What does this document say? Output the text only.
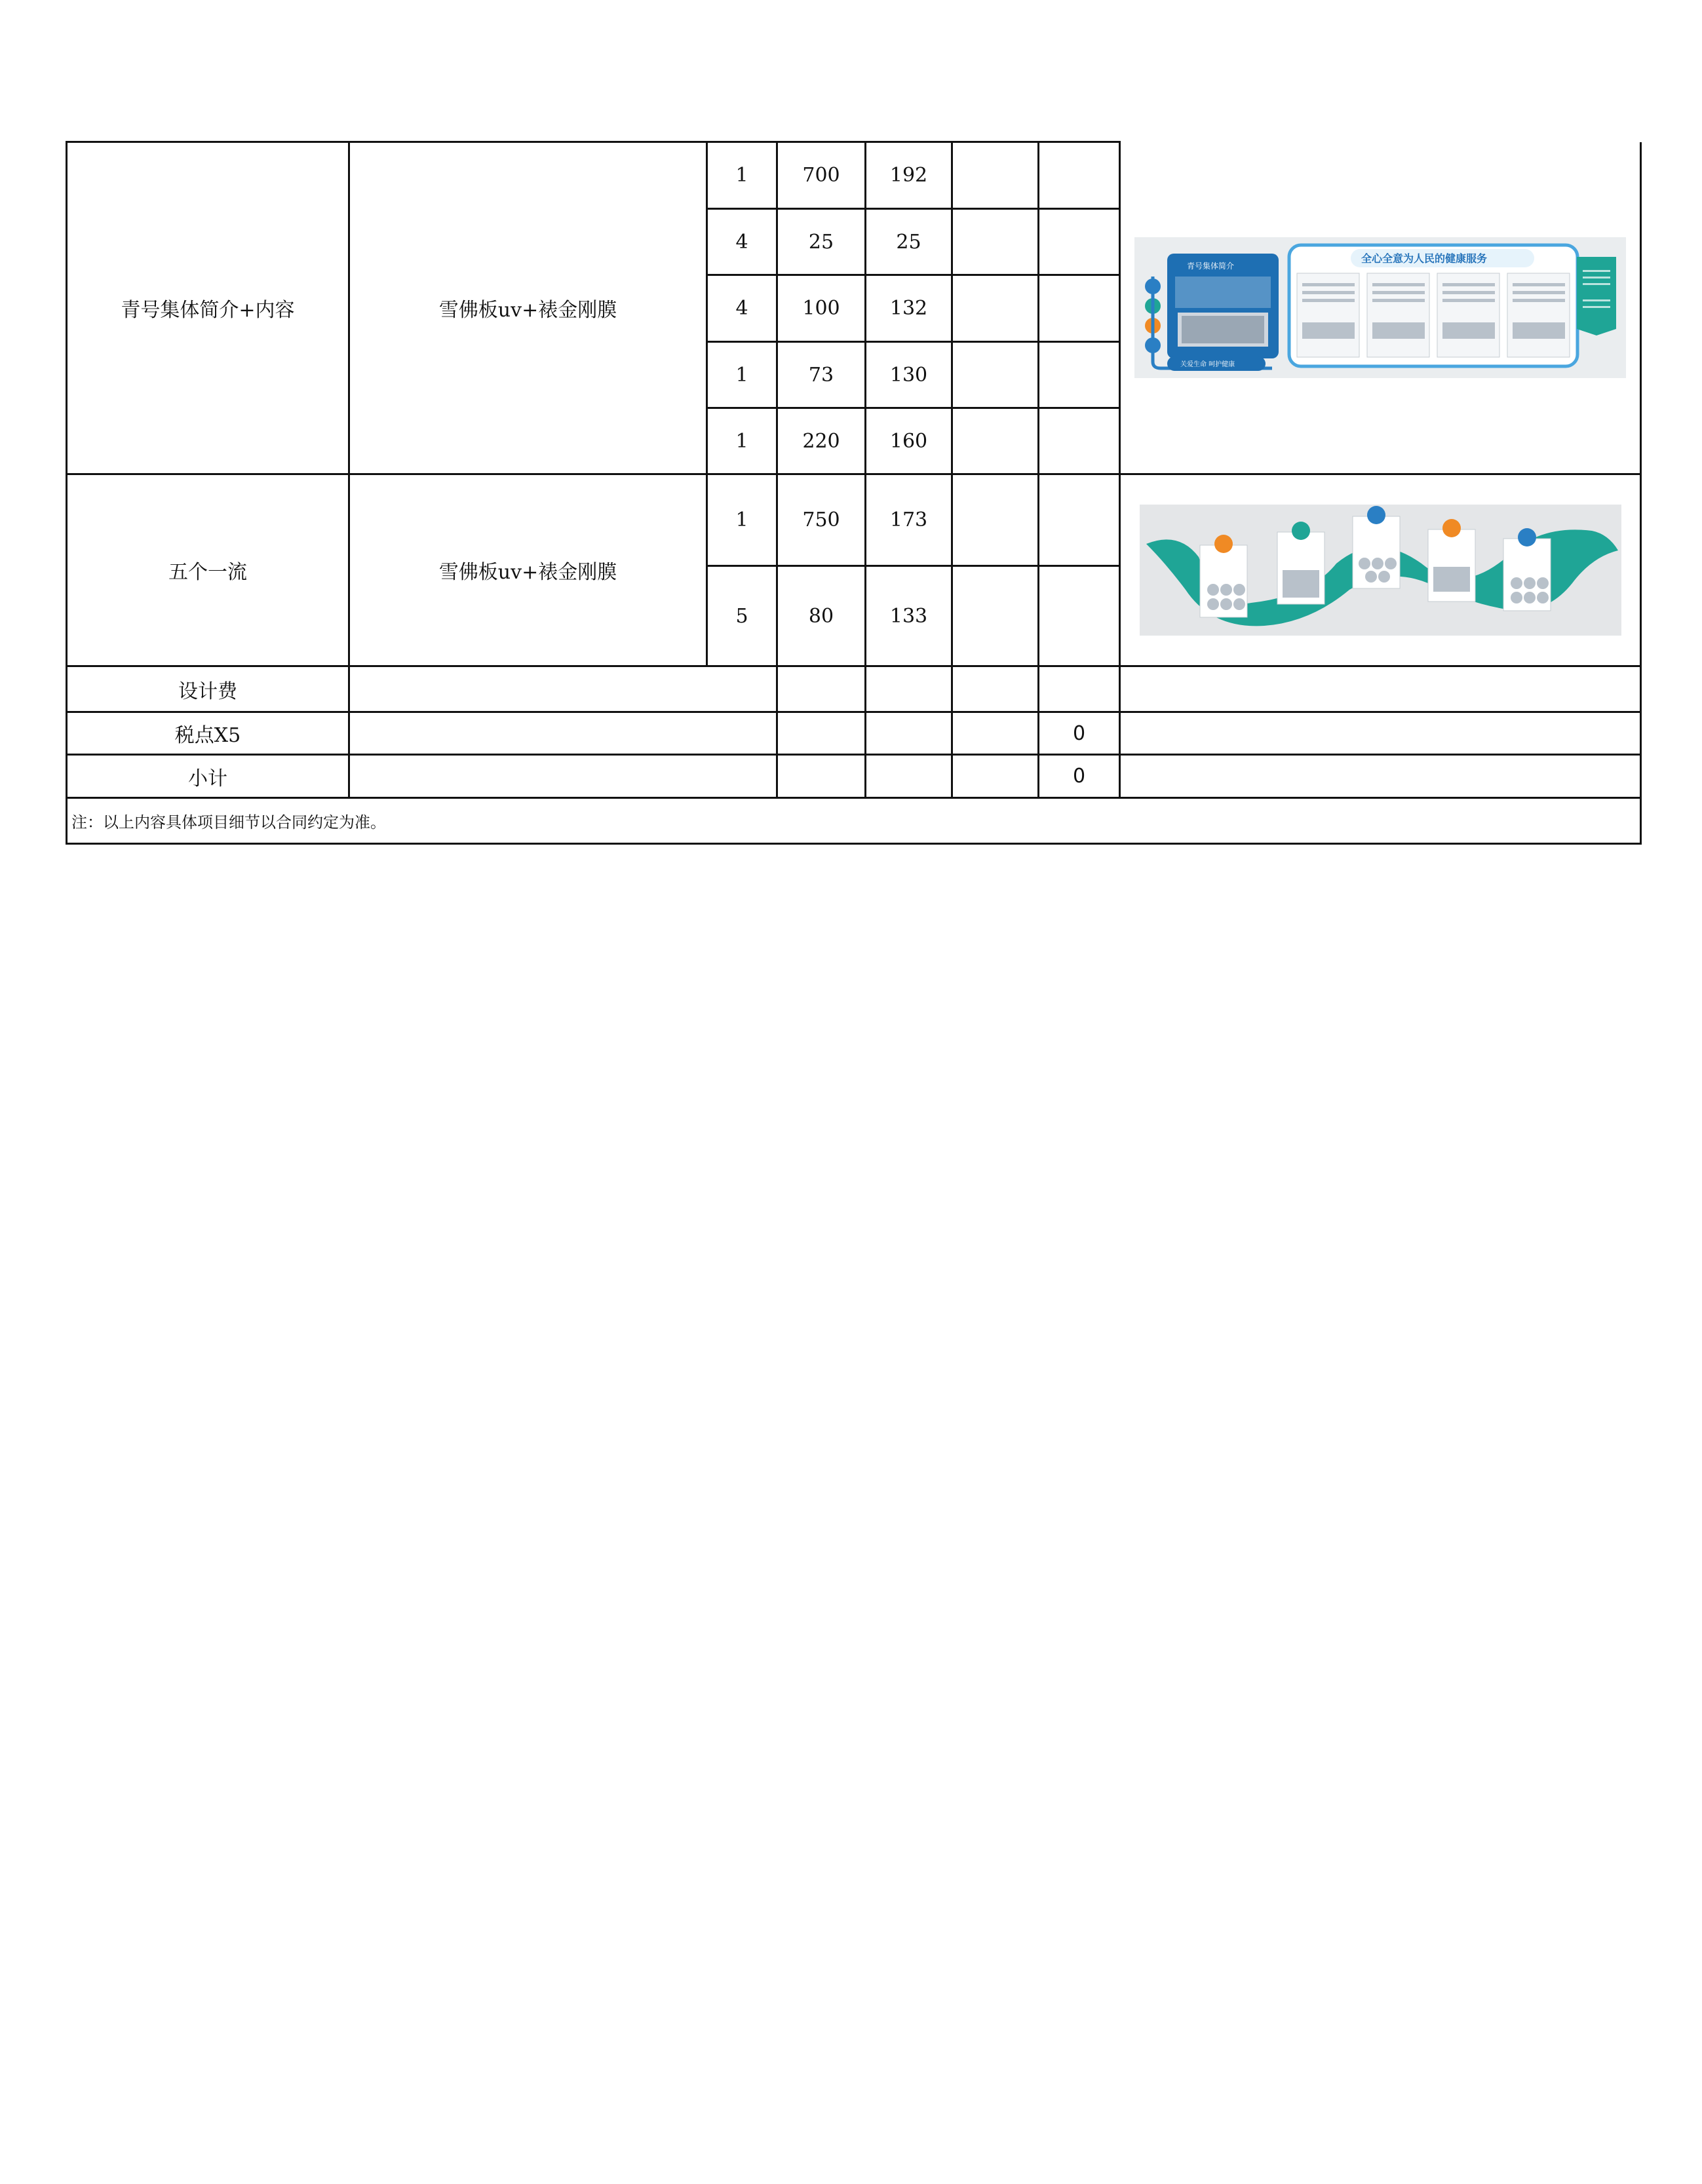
青号集体简介+内容	雪佛板uv+裱金刚膜	1	700	192			青号集体简介
关爱生命 呵护健康
全心全意为人民的健康服务

		4	25	25			
		4	100	132			
		1	73	130			
		1	220	160			
五个一流	雪佛板uv+裱金刚膜	1	750	173			

		5	80	133			
设计费							
税点X5						0	
小计						0	
注：以上内容具体项目细节以合同约定为准。							
